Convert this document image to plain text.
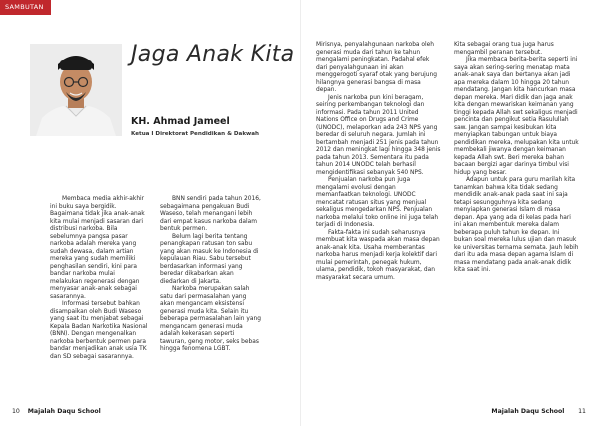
SAMBUTAN
Jaga Anak Kita
KH. Ahmad Jameel
Ketua I Direktorat Pendidikan & Dakwah

Membaca media akhir-akhir ini buku saya bergidik. Bagaimana tidak jika anak-anak kita mulai menjadi sasaran dari distribusi narkoba. Bila sebelumnya pangsa pasar narkoba adalah mereka yang sudah dewasa, dalam artian mereka yang sudah memiliki penghasilan sendiri, kini para bandar narkoba mulai melakukan regenerasi dengan menyasar anak-anak sebagai sasarannya.

Informasi tersebut bahkan disampaikan oleh Budi Waseso yang saat itu menjabat sebagai Kepala Badan Narkotika Nasional (BNN). Dengan mengenalkan narkoba berbentuk permen para bandar menjadikan anak usia TK dan SD sebagai sasarannya.

BNN sendiri pada tahun 2016, sebagaimana pengakuan Budi Waseso, telah menangani lebih dari empat kasus narkoba dalam bentuk permen.

Belum lagi berita tentang penangkapan ratusan ton sabu yang akan masuk ke Indonesia di kepulauan Riau. Sabu tersebut berdasarkan informasi yang beredar dikabarkan akan diedarkan di Jakarta.

Narkoba merupakan salah satu dari permasalahan yang akan mengancam eksistensi generasi muda kita. Selain itu beberapa permasalahan lain yang mengancam generasi muda adalah kekerasan seperti tawuran, geng motor, seks bebas hingga fenomena LGBT.

Mirisnya, penyalahgunaan narkoba oleh generasi muda dari tahun ke tahun mengalami peningkatan. Padahal efek dari penyalahgunaan ini akan menggerogoti syaraf otak yang berujung hilangnya generasi bangsa di masa depan.

Jenis narkoba pun kini beragam, seiring perkembangan teknologi dan informasi. Pada tahun 2011 United Nations Office on Drugs and Crime (UNODC), melaporkan ada 243 NPS yang beredar di seluruh negara. Jumlah ini bertambah menjadi 251 jenis pada tahun 2012 dan meningkat lagi hingga 348 jenis pada tahun 2013. Sementara itu pada tahun 2014 UNODC telah berhasil mengidentifikasi sebanyak 540 NPS.

Penjualan narkoba pun juga mengalami evolusi dengan memanfaatkan teknologi. UNODC mencatat ratusan situs yang menjual sekaligus mengedarkan NPS. Penjualan narkoba melalui toko online ini juga telah terjadi di Indonesia.

Fakta-fakta ini sudah seharusnya membuat kita waspada akan masa depan anak-anak kita. Usaha memberantas narkoba harus menjadi kerja kolektif dari mulai pemerintah, penegak hukum, ulama, pendidik, tokoh masyarakat, dan masyarakat secara umum.

Kita sebagai orang tua juga harus mengambil peranan tersebut.

Jika membaca berita-berita seperti ini saya akan sering-sering menatap mata anak-anak saya dan bertanya akan jadi apa mereka dalam 10 hingga 20 tahun mendatang. Jangan kita hancurkan masa depan mereka. Mari didik dan jaga anak kita dengan mewariskan keimanan yang tinggi kepada Allah swt sekaligus menjadi pencinta dan pengikut setia Rasulullah saw. Jangan sampai kesibukan kita menyiapkan tabungan untuk biaya pendidikan mereka, melupakan kita untuk membekali jiwanya dengan keimanan kepada Allah swt. Beri mereka bahan bacaan bergizi agar darinya timbul visi hidup yang besar.

Adapun untuk para guru marilah kita tanamkan bahwa kita tidak sedang mendidik anak-anak pada saat ini saja tetapi sesungguhnya kita sedang menyiapkan generasi Islam di masa depan. Apa yang ada di kelas pada hari ini akan membentuk mereka dalam beberapa puluh tahun ke depan. Ini bukan soal mereka lulus ujian dan masuk ke universitas ternama semata. Jauh lebih dari itu ada masa depan agama Islam di masa mendatang pada anak-anak didik kita saat ini.

10 Majalah Daqu School	Majalah Daqu School 11
